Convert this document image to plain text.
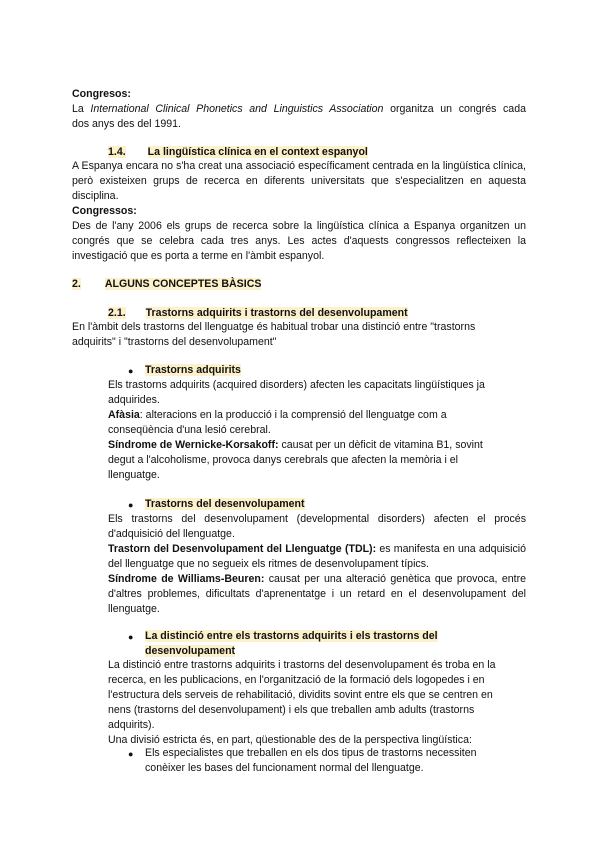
Congresos:

La International Clinical Phonetics and Linguistics Association organitza un congrés cada

dos anys des del 1991.

1.4. La lingüística clínica en el context espanyol

A Espanya encara no s'ha creat una associació específicament centrada en la lingüística clínica, però existeixen grups de recerca en diferents universitats que s'especialitzen en aquesta disciplina.

Congressos:

Des de l'any 2006 els grups de recerca sobre la lingüística clínica a Espanya organitzen un congrés que se celebra cada tres anys. Les actes d'aquests congressos reflecteixen la investigació que es porta a terme en l'àmbit espanyol.

2. ALGUNS CONCEPTES BÀSICS
2.1. Trastorns adquirits i trastorns del desenvolupament

En l'àmbit dels trastorns del llenguatge és habitual trobar una distinció entre "trastorns adquirits" i "trastorns del desenvolupament"

● Trastorns adquirits

Els trastorns adquirits (acquired disorders) afecten les capacitats lingüístiques ja adquirides.

Afàsia: alteracions en la producció i la comprensió del llenguatge com a conseqüència d'una lesió cerebral.

Síndrome de Wernicke-Korsakoff: causat per un dèficit de vitamina B1, sovint degut a l'alcoholisme, provoca danys cerebrals que afecten la memòria i el llenguatge.

● Trastorns del desenvolupament

Els trastorns del desenvolupament (developmental disorders) afecten el procés d'adquisició del llenguatge.

Trastorn del Desenvolupament del Llenguatge (TDL): es manifesta en una adquisició del llenguatge que no segueix els ritmes de desenvolupament típics.

Síndrome de Williams-Beuren: causat per una alteració genètica que provoca, entre d'altres problemes, dificultats d'aprenentatge i un retard en el desenvolupament del llenguatge.

● La distinció entre els trastorns adquirits i els trastorns del
desenvolupament

La distinció entre trastorns adquirits i trastorns del desenvolupament és troba en la recerca, en les publicacions, en l'organització de la formació dels logopedes i en l'estructura dels serveis de rehabilitació, dividits sovint entre els que se centren en nens (trastorns del desenvolupament) i els que treballen amb adults (trastorns adquirits).

Una divisió estricta és, en part, qüestionable des de la perspectiva lingüística:

● Els especialistes que treballen en els dos tipus de trastorns necessiten conèixer les bases del funcionament normal del llenguatge.
